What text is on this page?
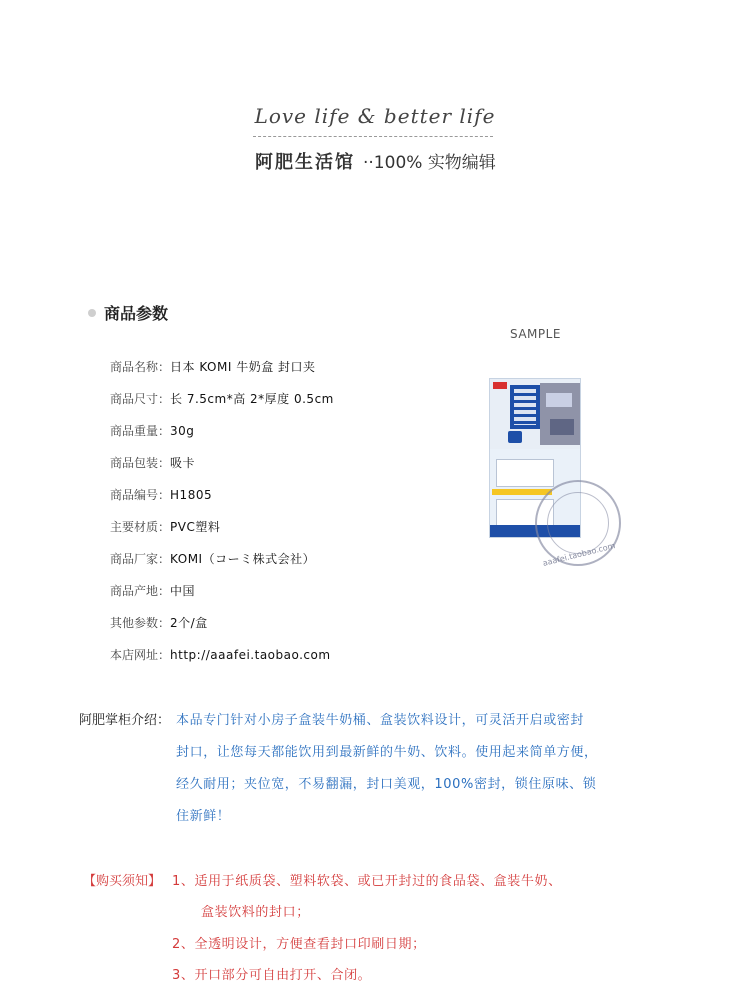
Love life & better life
阿肥生活馆 ··100% 实物编辑
商品参数
商品名称：日本 KOMI 牛奶盒 封口夹
商品尺寸：长 7.5cm*高 2*厚度 0.5cm
商品重量：30g
商品包装：吸卡
商品编号：H1805
主要材质：PVC塑料
商品厂家：KOMI（コーミ株式会社）
商品产地：中国
其他参数：2个/盒
本店网址：http://aaafei.taobao.com
SAMPLE
aaafei.taobao.com
阿肥掌柜介绍： 本品专门针对小房子盒装牛奶桶、盒装饮料设计，可灵活开启或密封
封口，让您每天都能饮用到最新鲜的牛奶、饮料。使用起来简单方便，
经久耐用；夹位宽，不易翻漏，封口美观，100%密封，锁住原味、锁
住新鲜！
【购买须知】 1、适用于纸质袋、塑料软袋、或已开封过的食品袋、盒装牛奶、
盒装饮料的封口；
2、全透明设计，方便查看封口印刷日期；
3、开口部分可自由打开、合闭。
